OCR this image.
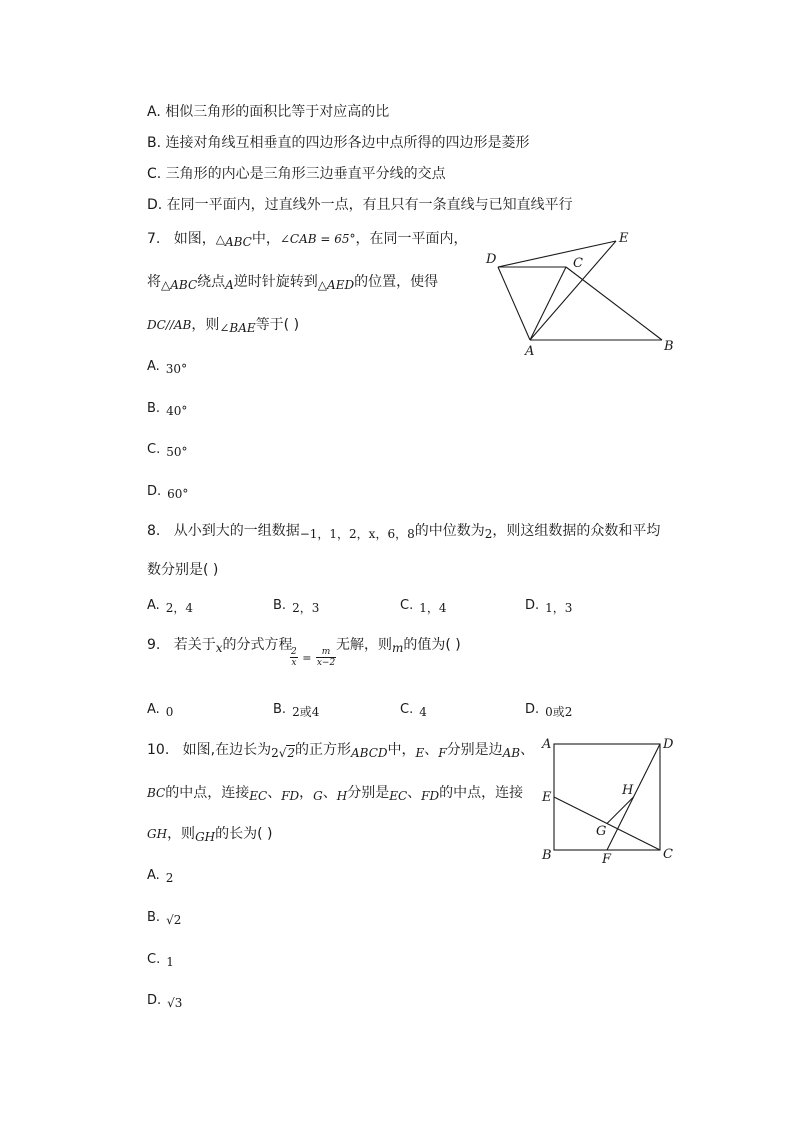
A. 相似三角形的面积比等于对应高的比
B. 连接对角线互相垂直的四边形各边中点所得的四边形是菱形
C. 三角形的内心是三角形三边垂直平分线的交点
D. 在同一平面内，过直线外一点，有且只有一条直线与已知直线平行
7. 如图，△ABC中，∠CAB = 65°，在同一平面内，
将△ABC绕点A逆时针旋转到△AED的位置，使得
DC//AB，则∠BAE等于( )
D
E
C
A	B
A. 30°
B. 40°
C. 50°
D. 60°
8. 从小到大的一组数据−1，1，2，x，6，8的中位数为2，则这组数据的众数和平均
数分别是( )
A. 2，4	B. 2，3	C. 1，4	D. 1，3
9. 若关于x的分式方程
$\frac{2}{x} = \frac{m}{x-2}$
无解，则m的值为( )
A. 0	B. 2或4	C. 4	D. 0或2
10. 如图,在边长为2√2的正方形ABCD中，E、F分别是边AB、
BC的中点，连接EC、FD，G、H分别是EC、FD的中点，连接
GH，则GH的长为( )
A	D
E
B	C
F
H
G
A. 2
B. √2
C. 1
D. √3
